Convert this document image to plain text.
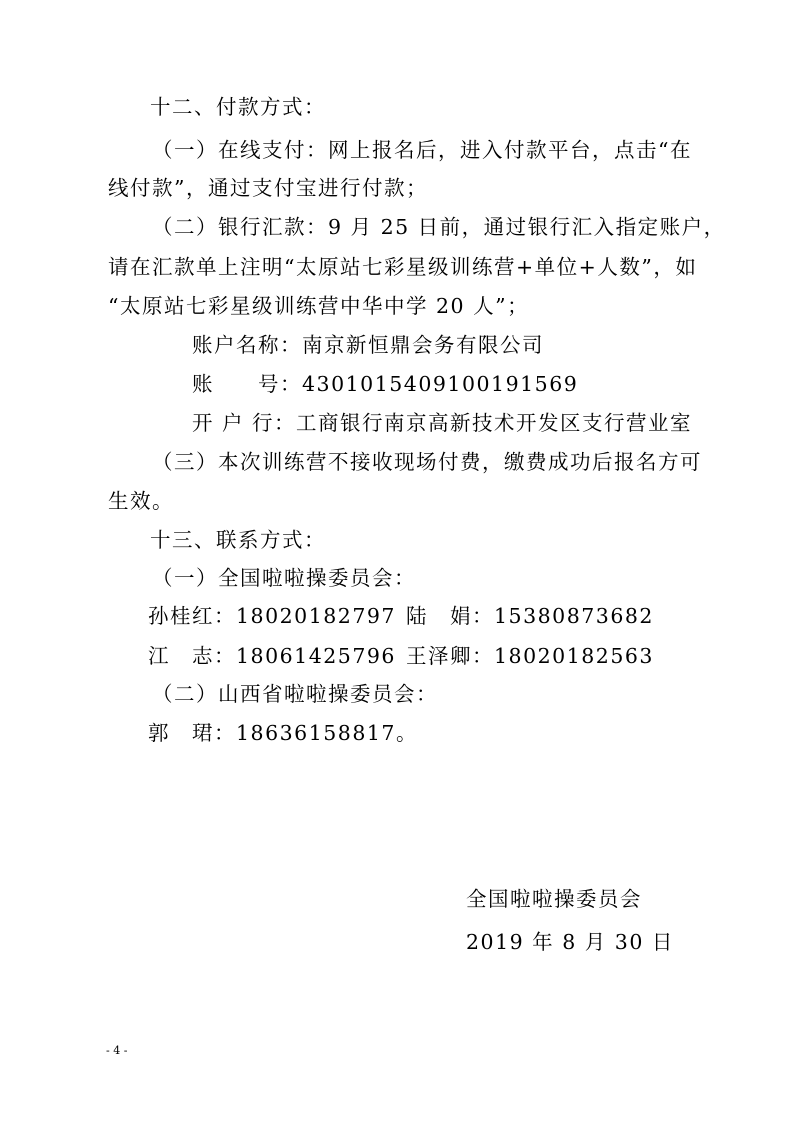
十二、付款方式：
（一）在线支付：网上报名后，进入付款平台，点击“在
线付款”，通过支付宝进行付款；
（二）银行汇款：9 月 25 日前，通过银行汇入指定账户，
请在汇款单上注明“太原站七彩星级训练营+单位+人数”，如
“太原站七彩星级训练营中华中学 20 人”；
账户名称：南京新恒鼎会务有限公司
账　　号：4301015409100191569
开 户 行：工商银行南京高新技术开发区支行营业室
（三）本次训练营不接收现场付费，缴费成功后报名方可
生效。
十三、联系方式：
（一）全国啦啦操委员会：
孙桂红：18020182797 陆　娟：15380873682
江　志：18061425796 王泽卿：18020182563
（二）山西省啦啦操委员会：
郭　珺：18636158817。
全国啦啦操委员会
2019 年 8 月 30 日
- 4 -
